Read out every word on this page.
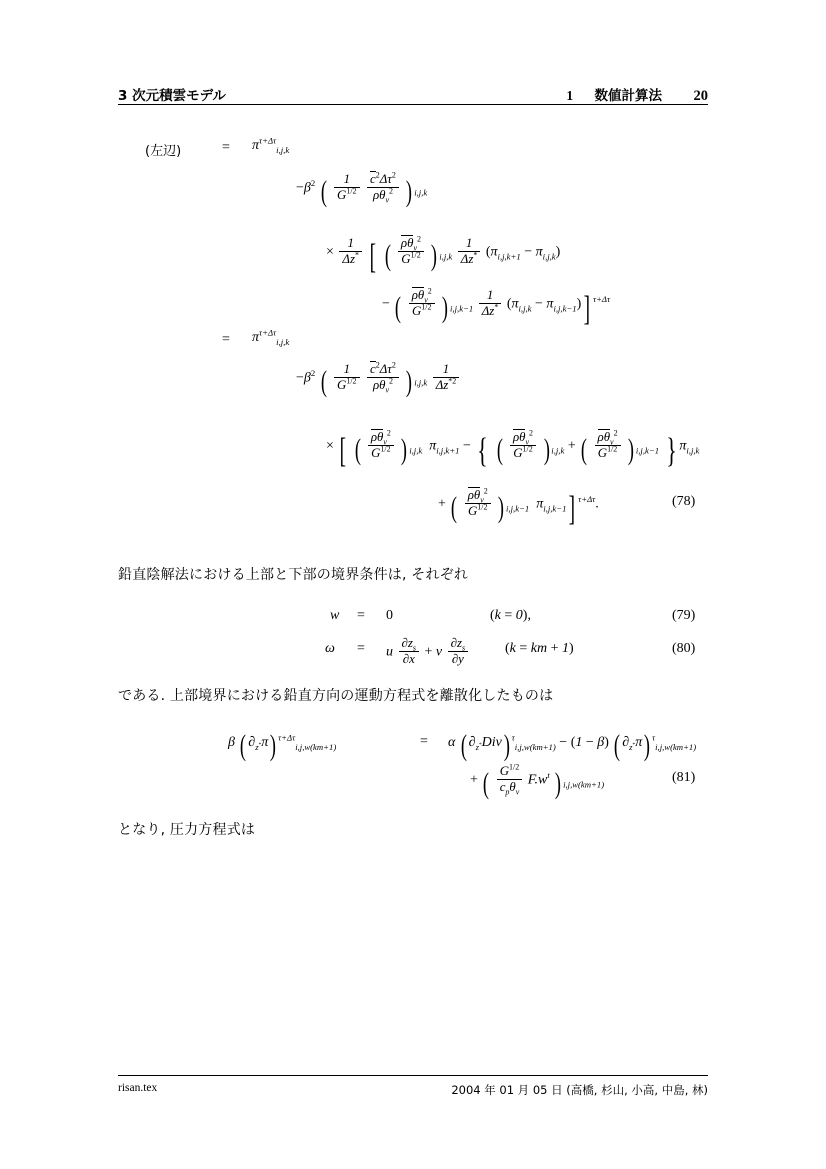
3 次元積雲モデル	1 数値計算法	20
(左辺)	= $\pi^{\tau+\Delta\tau}_{i,j,k}$
$-\beta^2$ ( $\frac{1}{G^{1/2}}$
$\frac{c^2\Delta\tau^2}{\rho\theta_v^2}$ ) $_{i,j,k}$
× $\frac{1}{\Delta z^*}$ [ ( $\frac{\rho\theta_v^2}{G^{1/2}}$ ) $_{i,j,k} \frac{1}{\Delta z^*} (\pi_{i,j,k+1} - \pi_{i,j,k})$
− ( $\frac{\rho\theta_v^2}{G^{1/2}}$ ) $_{i,j,k-1} \frac{1}{\Delta z^*} (\pi_{i,j,k} - \pi_{i,j,k-1})$] $^{\tau+\Delta\tau}$
= $\pi^{\tau+\Delta\tau}_{i,j,k}$
$-\beta^2$ ( $\frac{1}{G^{1/2}}$
$\frac{c^2\Delta\tau^2}{\rho\theta_v^2}$ ) $_{i,j,k} \frac{1}{\Delta z^{*2}}$
× [ ( $\frac{\rho\theta_v^2}{G^{1/2}}$ ) $_{i,j,k}$  $\pi_{i,j,k+1}$ − { ( $\frac{\rho\theta_v^2}{G^{1/2}}$ ) $_{i,j,k}$ + ( $\frac{\rho\theta_v^2}{G^{1/2}}$ ) $_{i,j,k-1}$ } $\pi_{i,j,k}$
+ ( $\frac{\rho\theta_v^2}{G^{1/2}}$ ) $_{i,j,k-1}$  $\pi_{i,j,k-1}$] $^{\tau+\Delta\tau}$.	(78)
鉛直陰解法における上部と下部の境界条件は, それぞれ
w = 0	(k = 0),	(79)
ω = u $\frac{\partial z_s}{\partial x} + v \frac{\partial z_s}{\partial y}$	(k = km + 1)	(80)
である. 上部境界における鉛直方向の運動方程式を離散化したものは
β ( $\partial_{z^*}\pi$) $^{\tau+\Delta\tau}_{i,j,w(km+1)}$	= α ( $\partial_{z^*}Div$) $^\tau_{i,j,w(km+1)}$ − (1 − β) ( $\partial_{z^*}\pi$) $^\tau_{i,j,w(km+1)}$
+ ( $\frac{G^{1/2}}{c_p\theta_v} F.w^t$ ) $_{i,j,w(km+1)}$	(81)
となり, 圧力方程式は
risan.tex	2004 年 01 月 05 日 (高橋, 杉山, 小高, 中島, 林)
